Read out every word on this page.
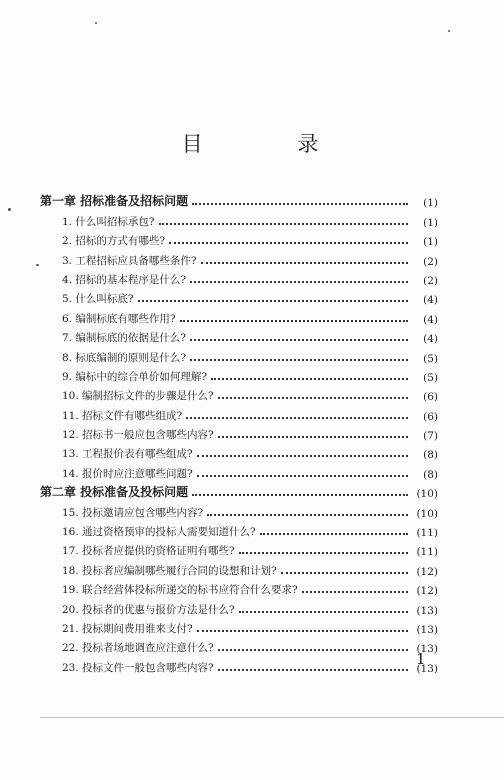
目 录
第一章 招标准备及招标问题	(1)
1. 什么叫招标承包?	(1)
2. 招标的方式有哪些?	(1)
3. 工程招标应具备哪些条件?	(2)
4. 招标的基本程序是什么?	(2)
5. 什么叫标底?	(4)
6. 编制标底有哪些作用?	(4)
7. 编制标底的依据是什么?	(4)
8. 标底编制的原则是什么?	(5)
9. 编标中的综合单价如何理解?	(5)
10. 编制招标文件的步骤是什么?	(6)
11. 招标文件有哪些组成?	(6)
12. 招标书一般应包含哪些内容?	(7)
13. 工程报价表有哪些组成?	(8)
14. 报价时应注意哪些问题?	(8)
第二章 投标准备及投标问题	(10)
15. 投标邀请应包含哪些内容?	(10)
16. 通过资格预审的投标人需要知道什么?	(11)
17. 投标者应提供的资格证明有哪些?	(11)
18. 投标者应编制哪些履行合同的设想和计划?	(12)
19. 联合经营体投标所递交的标书应符合什么要求?	(12)
20. 投标者的优惠与报价方法是什么?	(13)
21. 投标期间费用谁来支付?	(13)
22. 投标者场地调查应注意什么?	(13)
23. 投标文件一般包含哪些内容?	(13)
1
